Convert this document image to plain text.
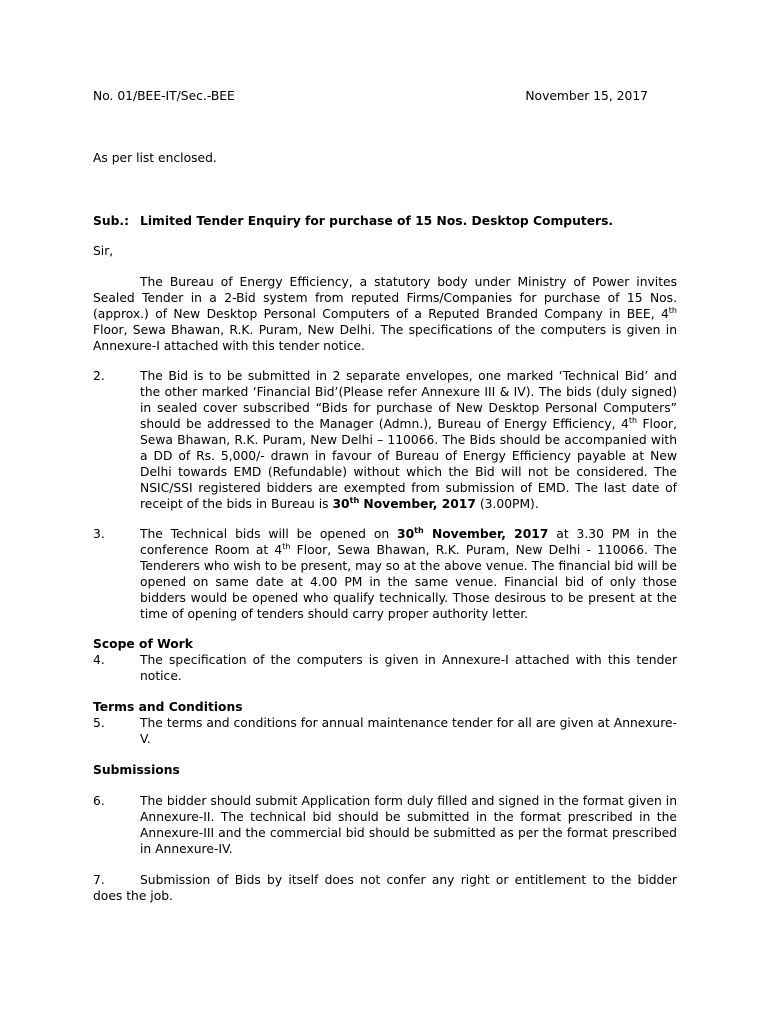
No. 01/BEE-IT/Sec.-BEE	November 15, 2017

As per list enclosed.

Sub.: Limited Tender Enquiry for purchase of 15 Nos. Desktop Computers.

Sir,

The Bureau of Energy Efficiency, a statutory body under Ministry of Power invites Sealed Tender in a 2-Bid system from reputed Firms/Companies for purchase of 15 Nos. (approx.) of New Desktop Personal Computers of a Reputed Branded Company in BEE, 4th Floor, Sewa Bhawan, R.K. Puram, New Delhi. The specifications of the computers is given in Annexure-I attached with this tender notice.

2.	The Bid is to be submitted in 2 separate envelopes, one marked ‘Technical Bid’ and the other marked ‘Financial Bid’(Please refer Annexure III & IV). The bids (duly signed) in sealed cover subscribed “Bids for purchase of New Desktop Personal Computers” should be addressed to the Manager (Admn.), Bureau of Energy Efficiency, 4th Floor, Sewa Bhawan, R.K. Puram, New Delhi – 110066. The Bids should be accompanied with a DD of Rs. 5,000/- drawn in favour of Bureau of Energy Efficiency payable at New Delhi towards EMD (Refundable) without which the Bid will not be considered. The NSIC/SSI registered bidders are exempted from submission of EMD. The last date of receipt of the bids in Bureau is 30th November, 2017 (3.00PM).

3.	The Technical bids will be opened on 30th November, 2017 at 3.30 PM in the conference Room at 4th Floor, Sewa Bhawan, R.K. Puram, New Delhi - 110066. The Tenderers who wish to be present, may so at the above venue. The financial bid will be opened on same date at 4.00 PM in the same venue. Financial bid of only those bidders would be opened who qualify technically. Those desirous to be present at the time of opening of tenders should carry proper authority letter.

Scope of Work

4.	The specification of the computers is given in Annexure-I attached with this tender notice.

Terms and Conditions

5.	The terms and conditions for annual maintenance tender for all are given at Annexure-V.

Submissions

6.	The bidder should submit Application form duly filled and signed in the format given in Annexure-II. The technical bid should be submitted in the format prescribed in the Annexure-III and the commercial bid should be submitted as per the format prescribed in Annexure-IV.

7.	Submission of Bids by itself does not confer any right or entitlement to the bidder does the job.
